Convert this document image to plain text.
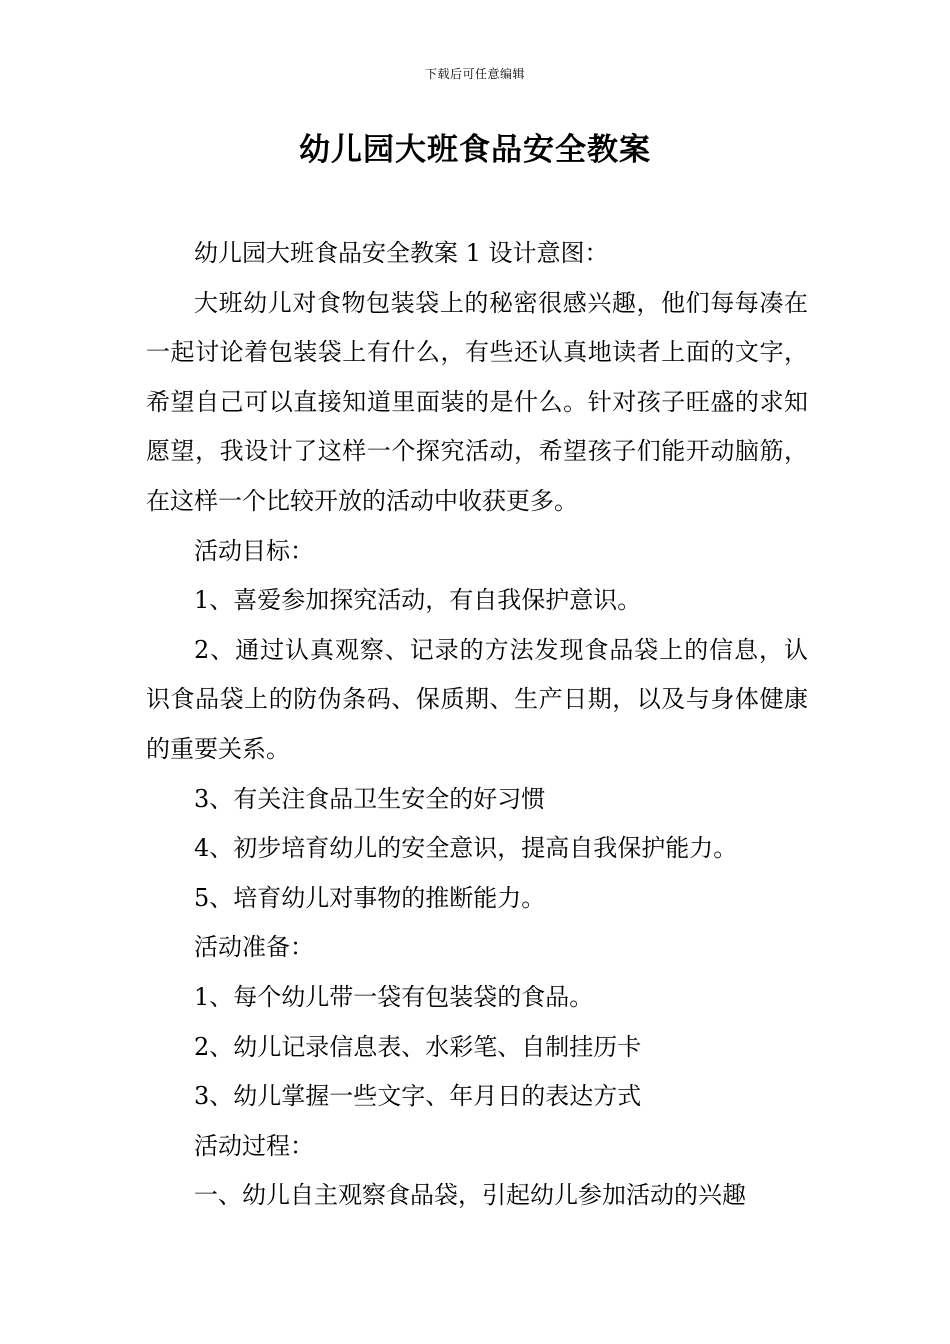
下载后可任意编辑
幼儿园大班食品安全教案

幼儿园大班食品安全教案 1 设计意图：

大班幼儿对食物包装袋上的秘密很感兴趣，他们每每凑在一起讨论着包装袋上有什么，有些还认真地读者上面的文字，希望自己可以直接知道里面装的是什么。针对孩子旺盛的求知愿望，我设计了这样一个探究活动，希望孩子们能开动脑筋，在这样一个比较开放的活动中收获更多。

活动目标：

1、喜爱参加探究活动，有自我保护意识。

2、通过认真观察、记录的方法发现食品袋上的信息，认识食品袋上的防伪条码、保质期、生产日期，以及与身体健康的重要关系。

3、有关注食品卫生安全的好习惯

4、初步培育幼儿的安全意识，提高自我保护能力。

5、培育幼儿对事物的推断能力。

活动准备：

1、每个幼儿带一袋有包装袋的食品。

2、幼儿记录信息表、水彩笔、自制挂历卡

3、幼儿掌握一些文字、年月日的表达方式

活动过程：

一、幼儿自主观察食品袋，引起幼儿参加活动的兴趣
